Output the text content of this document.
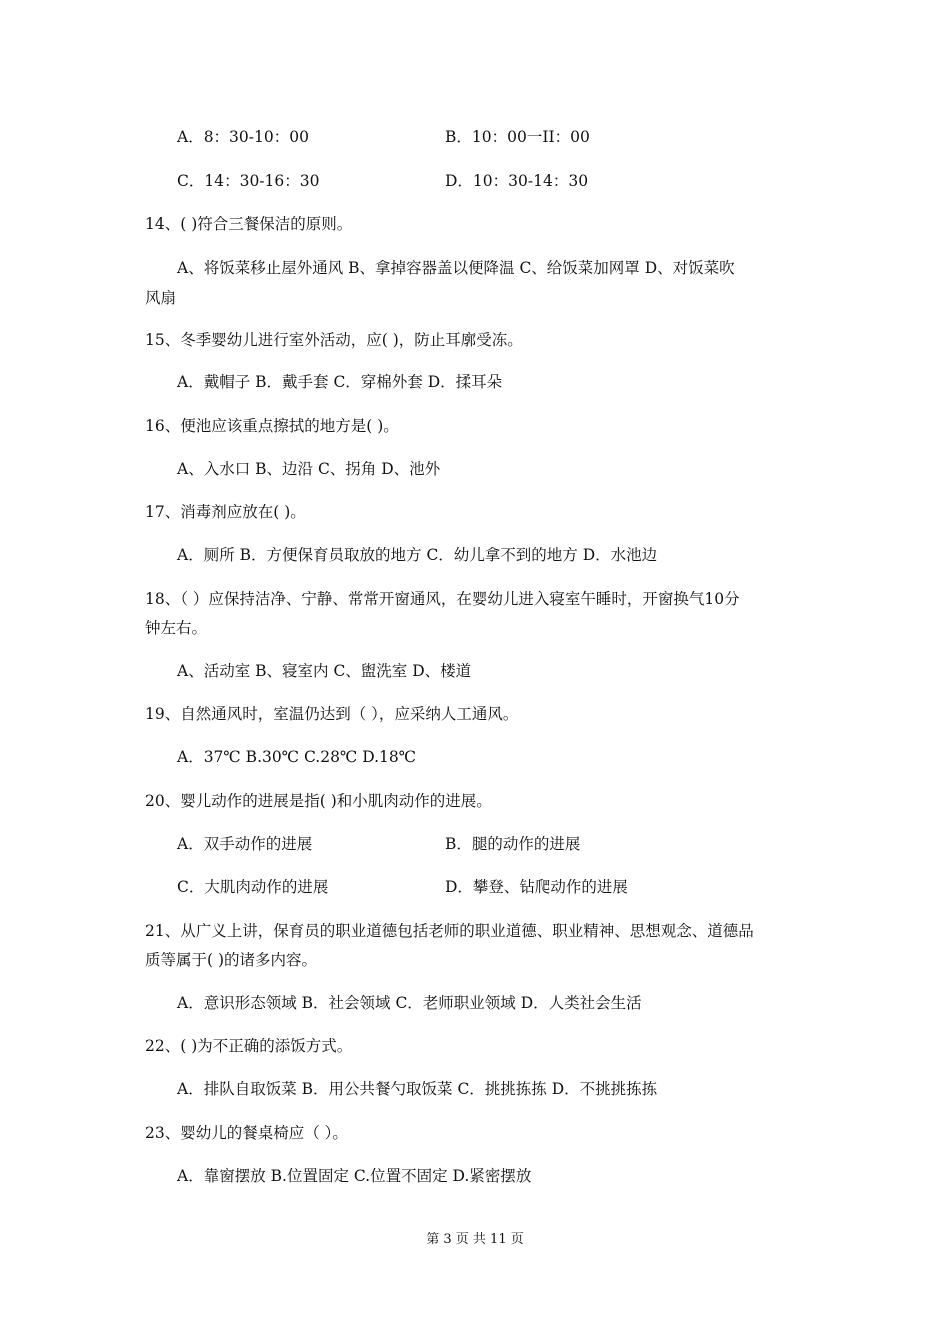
A．8：30-10：00	B．10：00一II：00
C．14：30-16：30	D．10：30-14：30
14、( )符合三餐保洁的原则。
A、将饭菜移止屋外通风 B、拿掉容器盖以便降温 C、给饭菜加网罩 D、对饭菜吹
风扇
15、冬季婴幼儿进行室外活动，应( )，防止耳廓受冻。
A．戴帽子 B．戴手套 C．穿棉外套 D．揉耳朵
16、便池应该重点擦拭的地方是( )。
A、入水口 B、边沿 C、拐角 D、池外
17、消毒剂应放在( )。
A．厕所 B．方便保育员取放的地方 C．幼儿拿不到的地方 D．水池边
18、（ ）应保持洁净、宁静、常常开窗通风，在婴幼儿进入寝室午睡时，开窗换气10分
钟左右。
A、活动室 B、寝室内 C、盥洗室 D、楼道
19、自然通风时，室温仍达到（ ），应采纳人工通风。
A．37℃ B.30℃ C.28℃ D.18℃
20、婴儿动作的进展是指( )和小肌肉动作的进展。
A．双手动作的进展	B．腿的动作的进展
C．大肌肉动作的进展	D．攀登、钻爬动作的进展
21、从广义上讲，保育员的职业道德包括老师的职业道德、职业精神、思想观念、道德品
质等属于( )的诸多内容。
A．意识形态领域 B．社会领域 C．老师职业领域 D．人类社会生活
22、( )为不正确的添饭方式。
A．排队自取饭菜 B．用公共餐勺取饭菜 C．挑挑拣拣 D．不挑挑拣拣
23、婴幼儿的餐桌椅应（ ）。
A．靠窗摆放 B.位置固定 C.位置不固定 D.紧密摆放
第 3 页 共 11 页
